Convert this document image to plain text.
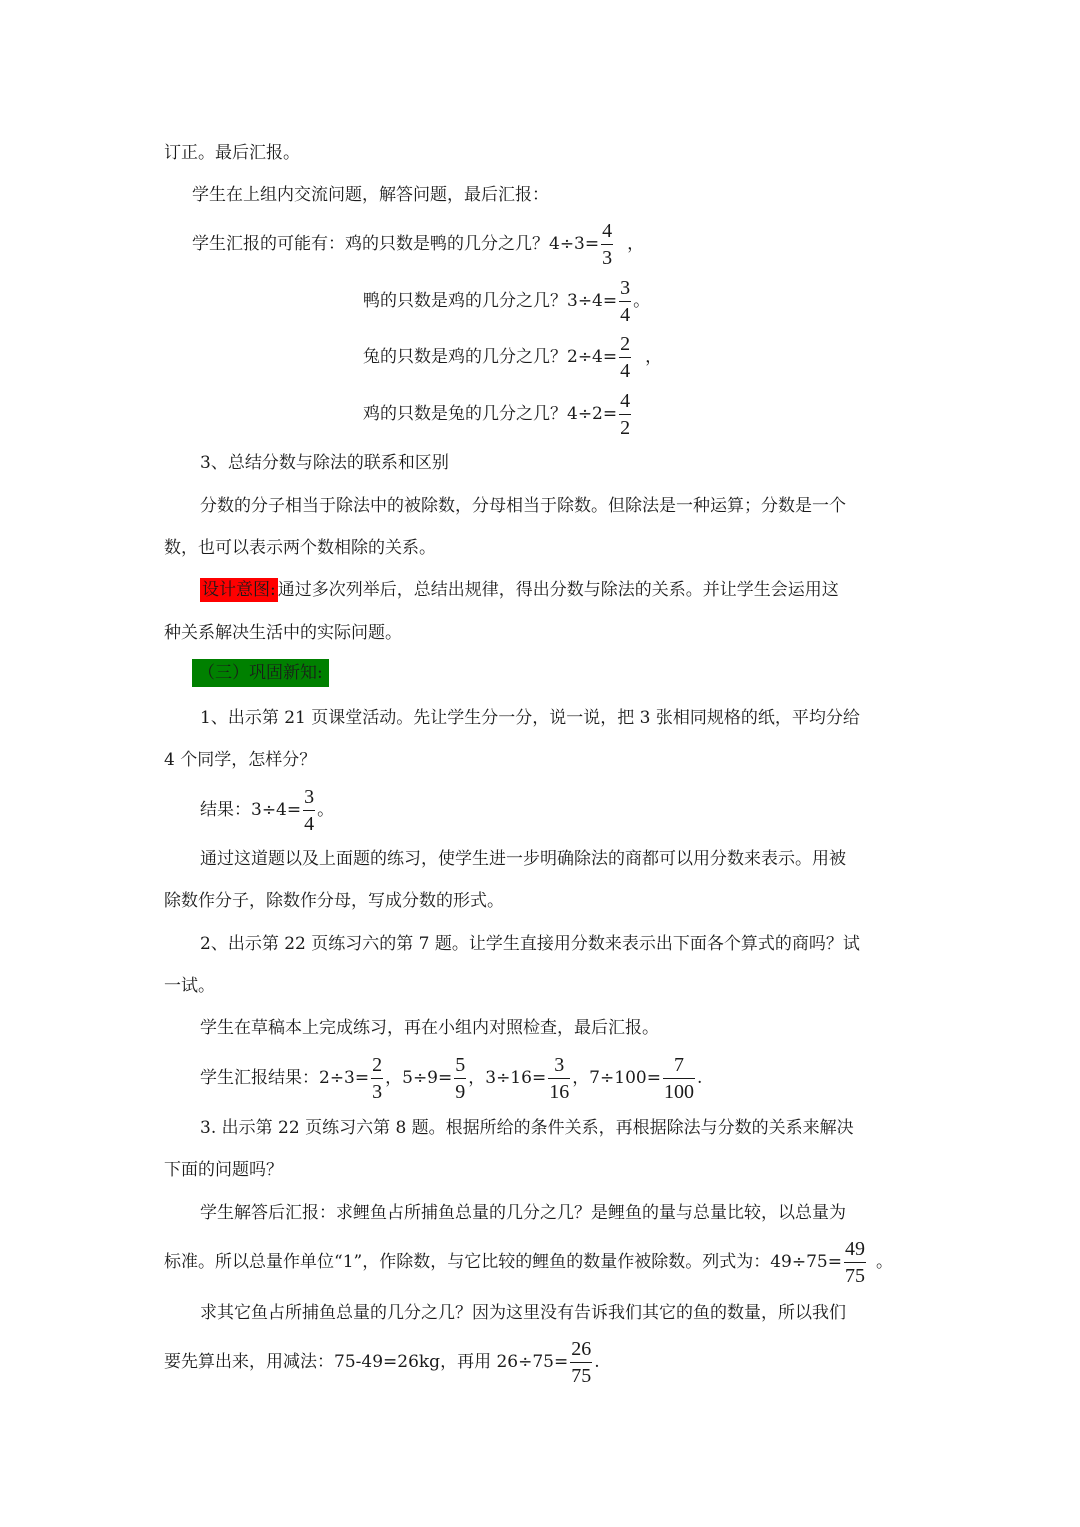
订正。最后汇报。
学生在上组内交流问题，解答问题，最后汇报：
学生汇报的可能有：鸡的只数是鸭的几分之几？$4\div 3= \frac{4}{3}$ ，
鸭的只数是鸡的几分之几？$3\div 4= \frac{3}{4}$ 。
兔的只数是鸡的几分之几？$2\div 4= \frac{2}{4}$ ，
鸡的只数是兔的几分之几？$4\div 2= \frac{4}{2}$
3、总结分数与除法的联系和区别
分数的分子相当于除法中的被除数，分母相当于除数。但除法是一种运算；分数是一个
数，也可以表示两个数相除的关系。
设计意图: 通过多次列举后，总结出规律，得出分数与除法的关系。并让学生会运用这
种关系解决生活中的实际问题。
（三）巩固新知:
1、出示第 21 页课堂活动。先让学生分一分，说一说，把 3 张相同规格的纸，平均分给
4 个同学，怎样分？
结果：$3\div 4= \frac{3}{4}$ 。
通过这道题以及上面题的练习，使学生进一步明确除法的商都可以用分数来表示。用被
除数作分子，除数作分母，写成分数的形式。
2、出示第 22 页练习六的第 7 题。让学生直接用分数来表示出下面各个算式的商吗？试
一试。
学生在草稿本上完成练习，再在小组内对照检查，最后汇报。
学生汇报结果：$2\div 3= \frac{2}{3}$ ，$5\div 9= \frac{5}{9}$ ，$3\div 16= \frac{3}{16}$ ，$7\div 100= \frac{7}{100}$ .
3. 出示第 22 页练习六第 8 题。根据所给的条件关系，再根据除法与分数的关系来解决
下面的问题吗？
学生解答后汇报：求鲤鱼占所捕鱼总量的几分之几？是鲤鱼的量与总量比较，以总量为
标准。所以总量作单位“1”，作除数，与它比较的鲤鱼的数量作被除数。列式为：$49\div 75= \frac{49}{75}$ 。
求其它鱼占所捕鱼总量的几分之几？因为这里没有告诉我们其它的鱼的数量，所以我们
要先算出来，用减法：75-49=26kg，再用 $26\div 75= \frac{26}{75}$ .
